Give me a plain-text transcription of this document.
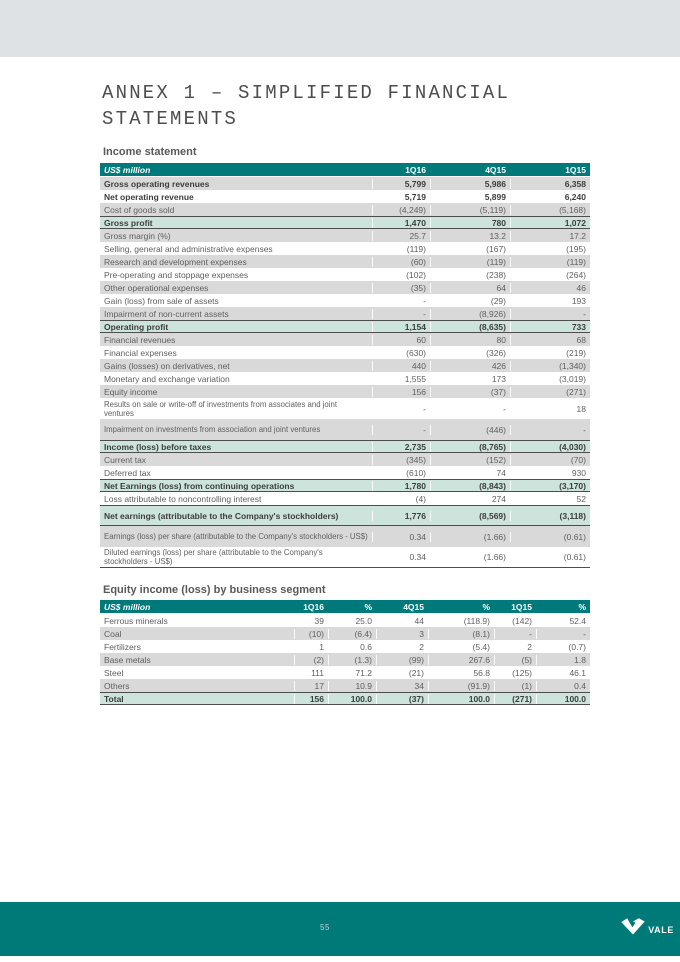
ANNEX 1 – SIMPLIFIED FINANCIAL
STATEMENTS
Income statement
US$ million	1Q16	4Q15	1Q15
Gross operating revenues	5,799	5,986	6,358
Net operating revenue	5,719	5,899	6,240
Cost of goods sold	(4,249)	(5,119)	(5,168)
Gross profit	1,470	780	1,072
Gross margin (%)	25.7	13.2	17.2
Selling, general and administrative expenses	(119)	(167)	(195)
Research and development expenses	(60)	(119)	(119)
Pre-operating and stoppage expenses	(102)	(238)	(264)
Other operational expenses	(35)	64	46
Gain (loss) from sale of assets	-	(29)	193
Impairment of non-current assets	-	(8,926)	-
Operating profit	1,154	(8,635)	733
Financial revenues	60	80	68
Financial expenses	(630)	(326)	(219)
Gains (losses) on derivatives, net	440	426	(1,340)
Monetary and exchange variation	1,555	173	(3,019)
Equity income	156	(37)	(271)
Results on sale or write-off of investments from associates and joint ventures	-	-	18
Impairment on investments from association and joint ventures	-	(446)	-
Income (loss) before taxes	2,735	(8,765)	(4,030)
Current tax	(345)	(152)	(70)
Deferred tax	(610)	74	930
Net Earnings (loss) from continuing operations	1,780	(8,843)	(3,170)
Loss attributable to noncontrolling interest	(4)	274	52
Net earnings (attributable to the Company's stockholders)	1,776	(8,569)	(3,118)
Earnings (loss) per share (attributable to the Company's stockholders - US$)	0.34	(1.66)	(0.61)
Diluted earnings (loss) per share (attributable to the Company's stockholders - US$)	0.34	(1.66)	(0.61)
Equity income (loss) by business segment
US$ million	1Q16	%	4Q15	%	1Q15	%
Ferrous minerals	39	25.0	44	(118.9)	(142)	52.4
Coal	(10)	(6.4)	3	(8.1)	-	-
Fertilizers	1	0.6	2	(5.4)	2	(0.7)
Base metals	(2)	(1.3)	(99)	267.6	(5)	1.8
Steel	111	71.2	(21)	56.8	(125)	46.1
Others	17	10.9	34	(91.9)	(1)	0.4
Total	156	100.0	(37)	100.0	(271)	100.0
55	VALE
